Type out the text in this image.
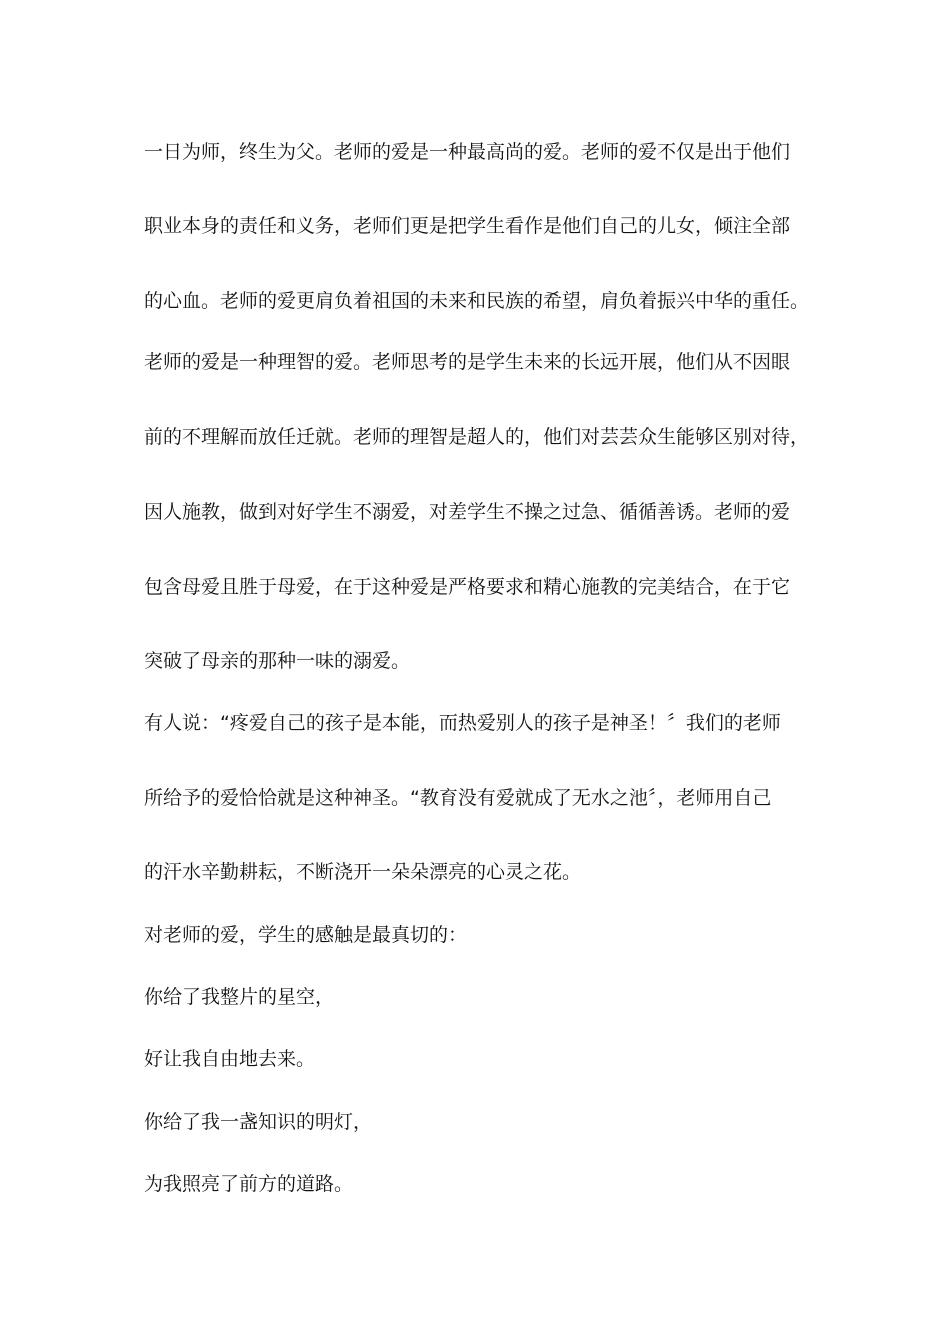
一日为师，终生为父。老师的爱是一种最高尚的爱。老师的爱不仅是出于他们
职业本身的责任和义务，老师们更是把学生看作是他们自己的儿女，倾注全部
的心血。老师的爱更肩负着祖国的未来和民族的希望，肩负着振兴中华的重任。
老师的爱是一种理智的爱。老师思考的是学生未来的长远开展，他们从不因眼
前的不理解而放任迁就。老师的理智是超人的，他们对芸芸众生能够区别对待，
因人施教，做到对好学生不溺爱，对差学生不操之过急、循循善诱。老师的爱
包含母爱且胜于母爱，在于这种爱是严格要求和精心施教的完美结合，在于它
突破了母亲的那种一味的溺爱。
有人说：“疼爱自己的孩子是本能，而热爱别人的孩子是神圣！〞我们的老师
所给予的爱恰恰就是这种神圣。“教育没有爱就成了无水之池〞，老师用自己
的汗水辛勤耕耘，不断浇开一朵朵漂亮的心灵之花。
对老师的爱，学生的感触是最真切的：
你给了我整片的星空，
好让我自由地去来。
你给了我一盏知识的明灯，
为我照亮了前方的道路。
